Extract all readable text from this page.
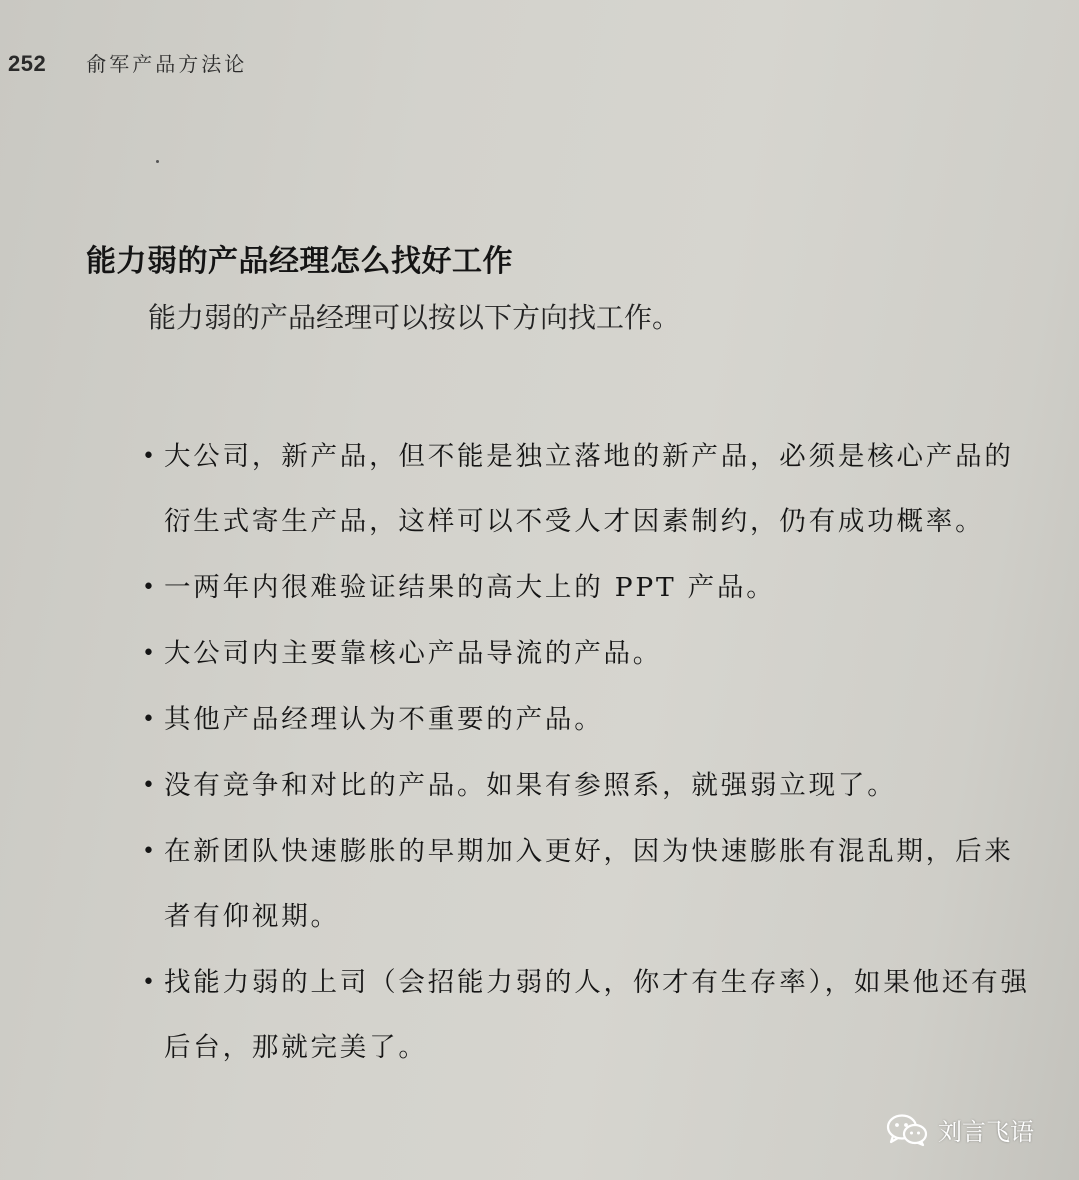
252 俞军产品方法论
能力弱的产品经理怎么找好工作

能力弱的产品经理可以按以下方向找工作。

• 大公司，新产品，但不能是独立落地的新产品，必须是核心产品的衍生式寄生产品，这样可以不受人才因素制约，仍有成功概率。
• 一两年内很难验证结果的高大上的 PPT 产品。
• 大公司内主要靠核心产品导流的产品。
• 其他产品经理认为不重要的产品。
• 没有竞争和对比的产品。如果有参照系，就强弱立现了。
• 在新团队快速膨胀的早期加入更好，因为快速膨胀有混乱期，后来者有仰视期。
• 找能力弱的上司（会招能力弱的人，你才有生存率），如果他还有强后台，那就完美了。
刘言飞语
